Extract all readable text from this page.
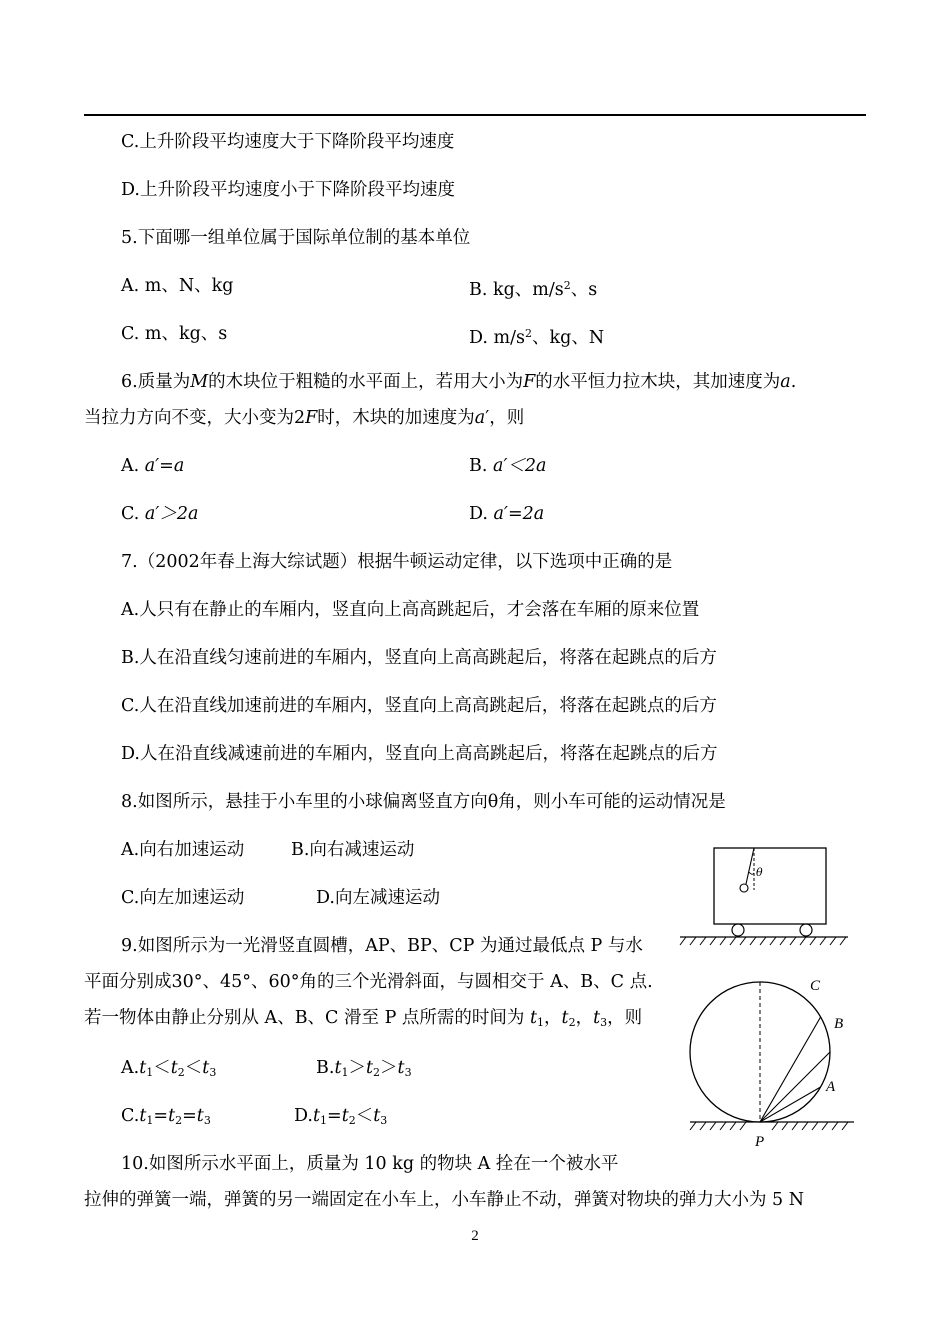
C.上升阶段平均速度大于下降阶段平均速度
D.上升阶段平均速度小于下降阶段平均速度
5.下面哪一组单位属于国际单位制的基本单位
A. m、N、kg	B. kg、$m/s^2$、s
C. m、kg、s	D. $m/s^2$、kg、N
6.质量为M的木块位于粗糙的水平面上，若用大小为F的水平恒力拉木块，其加速度为a.
当拉力方向不变，大小变为2F时，木块的加速度为a′，则
A. a′=a	B. a′＜2a
C. a′＞2a	D. a′=2a
7.（2002年春上海大综试题）根据牛顿运动定律，以下选项中正确的是
A.人只有在静止的车厢内，竖直向上高高跳起后，才会落在车厢的原来位置
B.人在沿直线匀速前进的车厢内，竖直向上高高跳起后，将落在起跳点的后方
C.人在沿直线加速前进的车厢内，竖直向上高高跳起后，将落在起跳点的后方
D.人在沿直线减速前进的车厢内，竖直向上高高跳起后，将落在起跳点的后方
8.如图所示，悬挂于小车里的小球偏离竖直方向θ角，则小车可能的运动情况是
A.向右加速运动	B.向右减速运动
C.向左加速运动	D.向左减速运动
θ
9.如图所示为一光滑竖直圆槽，AP、BP、CP 为通过最低点 P 与水
平面分别成30°、45°、60°角的三个光滑斜面，与圆相交于 A、B、C 点.
若一物体由静止分别从 A、B、C 滑至 P 点所需的时间为 $t_1$，$t_2$，$t_3$，则
$A.t_1<t_2<t_3$	$B.t_1>t_2>t_3$
$C.t_1=t_2=t_3$	$D.t_1=t_2<t_3$
A
B
C
P
10.如图所示水平面上，质量为 10 kg 的物块 A 拴在一个被水平
拉伸的弹簧一端，弹簧的另一端固定在小车上，小车静止不动，弹簧对物块的弹力大小为 5 N
2
